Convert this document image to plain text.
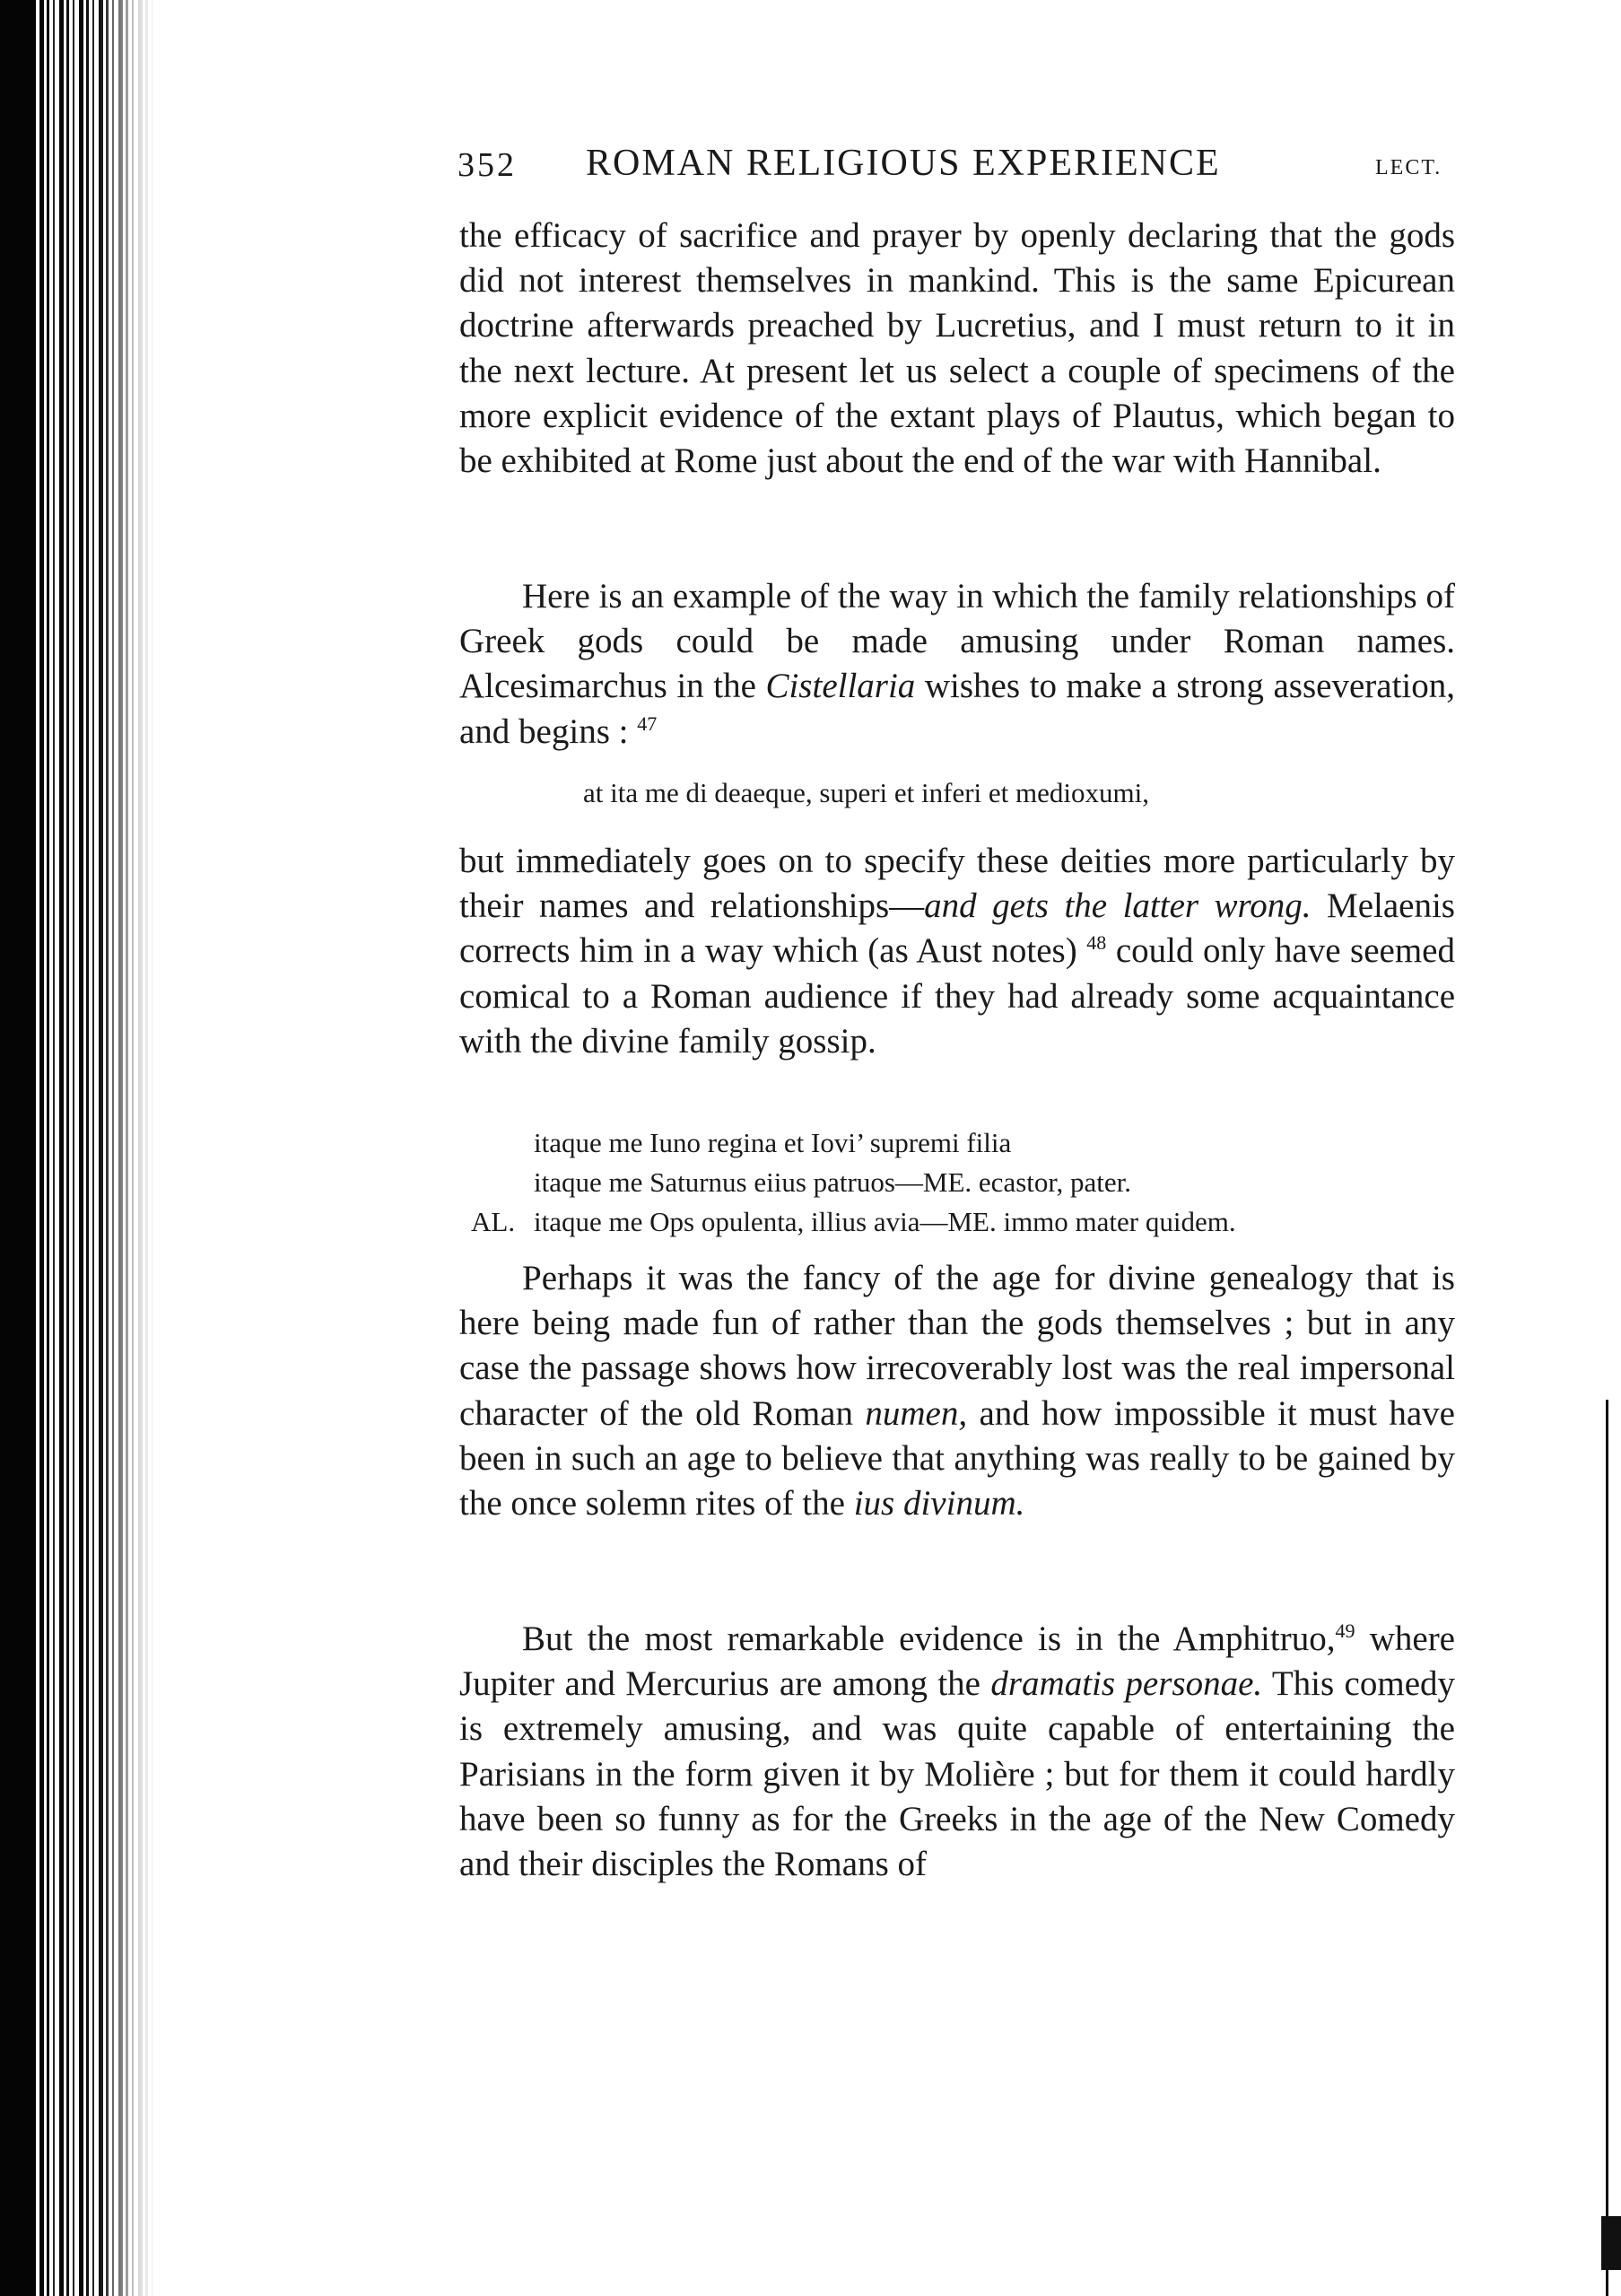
352 ROMAN RELIGIOUS EXPERIENCE	LECT.

the efficacy of sacrifice and prayer by openly declaring that the gods did not interest themselves in mankind. This is the same Epicurean doctrine afterwards preached by Lucretius, and I must return to it in the next lecture. At present let us select a couple of specimens of the more explicit evidence of the extant plays of Plautus, which began to be exhibited at Rome just about the end of the war with Hannibal.

Here is an example of the way in which the family relationships of Greek gods could be made amusing under Roman names. Alcesimarchus in the Cistellaria wishes to make a strong asseveration, and begins : $^{47}$

at ita me di deaeque, superi et inferi et medioxumi,

but immediately goes on to specify these deities more particularly by their names and relationships—and gets the latter wrong. Melaenis corrects him in a way which (as Aust notes) $^{48}$ could only have seemed comical to a Roman audience if they had already some acquaintance with the divine family gossip.

itaque me Iuno regina et Iovi’ supremi filia
itaque me Saturnus eiius patruos—ME. ecastor, pater.
AL. itaque me Ops opulenta, illius avia—ME. immo mater quidem.

Perhaps it was the fancy of the age for divine genealogy that is here being made fun of rather than the gods themselves ; but in any case the passage shows how irrecoverably lost was the real impersonal character of the old Roman numen, and how impossible it must have been in such an age to believe that anything was really to be gained by the once solemn rites of the ius divinum.

But the most remarkable evidence is in the Amphitruo,$^{49}$ where Jupiter and Mercurius are among the dramatis personae. This comedy is extremely amusing, and was quite capable of entertaining the Parisians in the form given it by Molière ; but for them it could hardly have been so funny as for the Greeks in the age of the New Comedy and their disciples the Romans of
